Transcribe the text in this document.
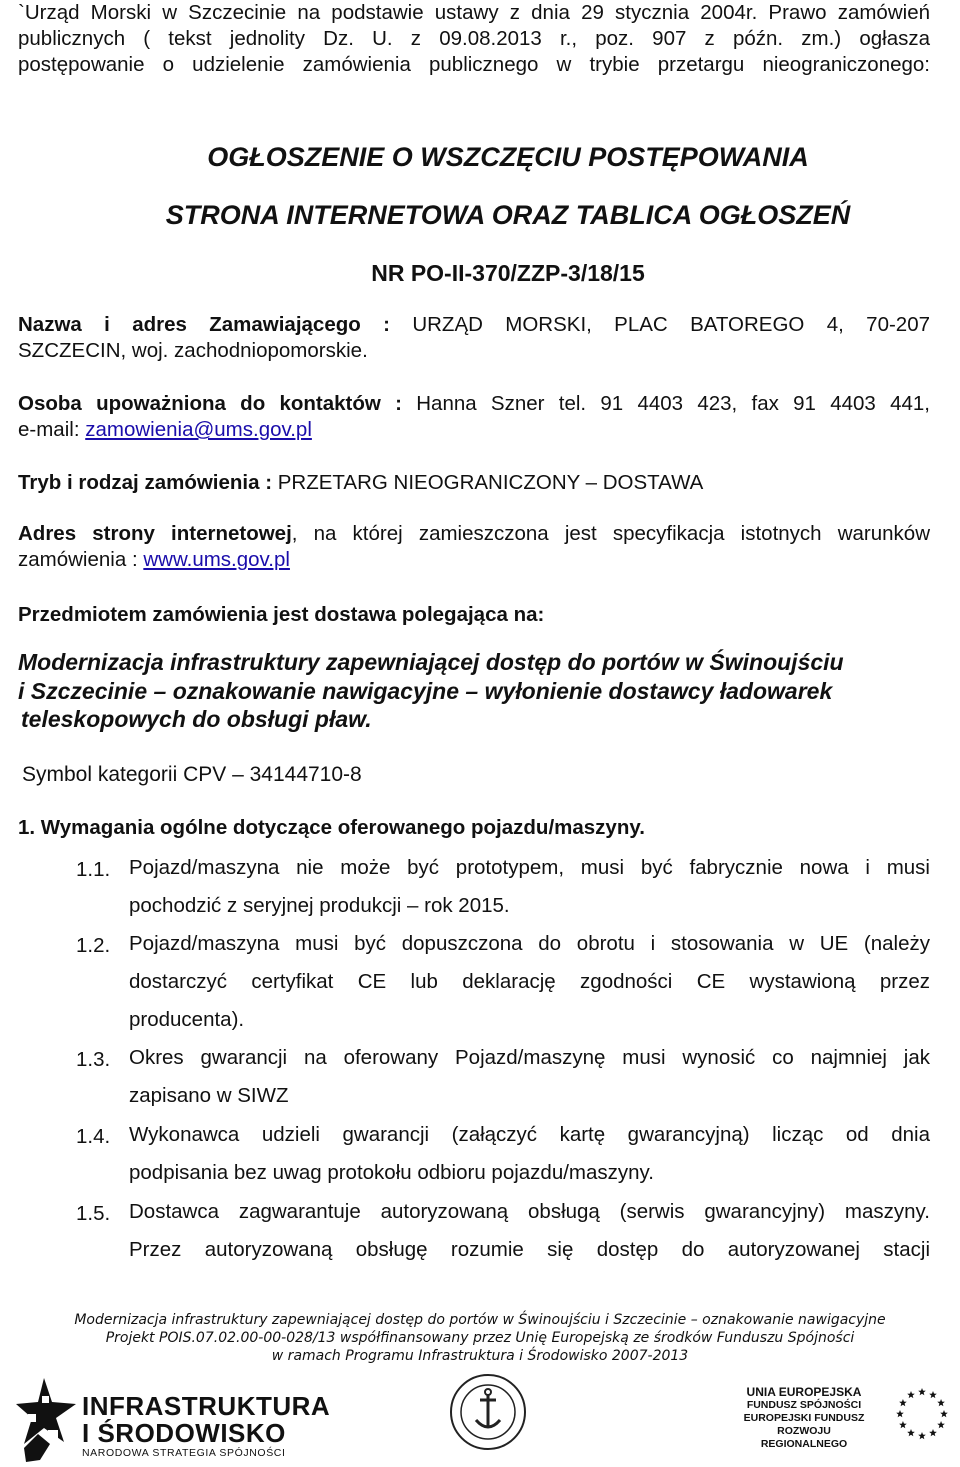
`Urząd Morski w Szczecinie na podstawie ustawy z dnia 29 stycznia 2004r. Prawo zamówień
publicznych ( tekst jednolity Dz. U. z 09.08.2013 r., poz. 907 z późn. zm.) ogłasza
postępowanie o udzielenie zamówienia publicznego w trybie przetargu nieograniczonego:
OGŁOSZENIE O WSZCZĘCIU POSTĘPOWANIA
STRONA INTERNETOWA ORAZ TABLICA OGŁOSZEŃ
NR PO-II-370/ZZP-3/18/15
Nazwa i adres Zamawiającego : URZĄD MORSKI, PLAC BATOREGO 4, 70-207
SZCZECIN, woj. zachodniopomorskie.
Osoba upoważniona do kontaktów : Hanna Szner tel. 91 4403 423, fax 91 4403 441,
e-mail: zamowienia@ums.gov.pl
Tryb i rodzaj zamówienia : PRZETARG NIEOGRANICZONY – DOSTAWA
Adres strony internetowej, na której zamieszczona jest specyfikacja istotnych warunków
zamówienia : www.ums.gov.pl
Przedmiotem zamówienia jest dostawa polegająca na:
Modernizacja infrastruktury zapewniającej dostęp do portów w Świnoujściu
i Szczecinie – oznakowanie nawigacyjne – wyłonienie dostawcy ładowarek
teleskopowych do obsługi pław.
Symbol kategorii CPV – 34144710-8
1. Wymagania ogólne dotyczące oferowanego pojazdu/maszyny.
1.1. Pojazd/maszyna nie może być prototypem, musi być fabrycznie nowa i musi
pochodzić z seryjnej produkcji – rok 2015.
1.2. Pojazd/maszyna musi być dopuszczona do obrotu i stosowania w UE (należy
dostarczyć certyfikat CE lub deklarację zgodności CE wystawioną przez
producenta).
1.3. Okres gwarancji na oferowany Pojazd/maszynę musi wynosić co najmniej jak
zapisano w SIWZ
1.4. Wykonawca udzieli gwarancji (załączyć kartę gwarancyjną) licząc od dnia
podpisania bez uwag protokołu odbioru pojazdu/maszyny.
1.5. Dostawca zagwarantuje autoryzowaną obsługą (serwis gwarancyjny) maszyny.
Przez autoryzowaną obsługę rozumie się dostęp do autoryzowanej stacji
Modernizacja infrastruktury zapewniającej dostęp do portów w Świnoujściu i Szczecinie – oznakowanie nawigacyjne
Projekt POIS.07.02.00-00-028/13 współfinansowany przez Unię Europejską ze środków Funduszu Spójności
w ramach Programu Infrastruktura i Środowisko 2007-2013
INFRASTRUKTURA
I ŚRODOWISKO
NARODOWA STRATEGIA SPÓJNOŚCI
UNIA EUROPEJSKA
FUNDUSZ SPÓJNOŚCI
EUROPEJSKI FUNDUSZ
ROZWOJU REGIONALNEGO
